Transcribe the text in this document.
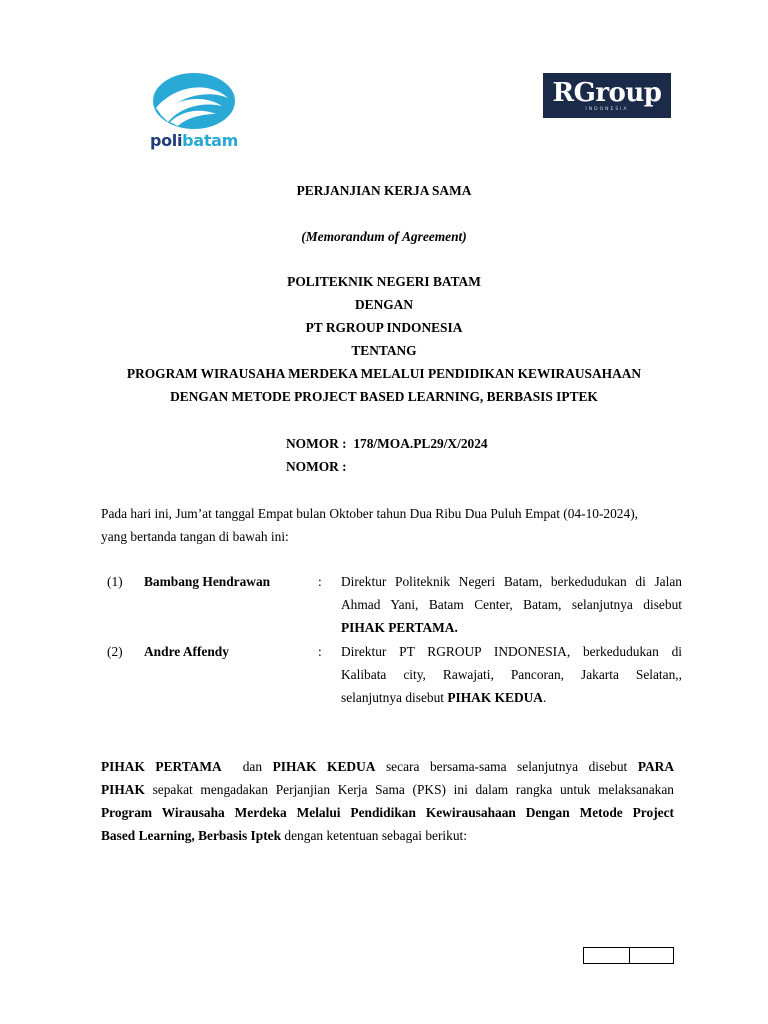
polibatam
RGroup
INDONESIA
PERJANJIAN KERJA SAMA
(Memorandum of Agreement)
POLITEKNIK NEGERI BATAM
DENGAN
PT RGROUP INDONESIA
TENTANG
PROGRAM WIRAUSAHA MERDEKA MELALUI PENDIDIKAN KEWIRAUSAHAAN
DENGAN METODE PROJECT BASED LEARNING, BERBASIS IPTEK
NOMOR : 178/MOA.PL29/X/2024
NOMOR :
Pada hari ini, Jum’at tanggal Empat bulan Oktober tahun Dua Ribu Dua Puluh Empat (04-10-2024),
yang bertanda tangan di bawah ini:
(1) Bambang Hendrawan	: Direktur Politeknik Negeri Batam, berkedudukan di Jalan
Ahmad Yani, Batam Center, Batam, selanjutnya disebut
PIHAK PERTAMA.
(2) Andre Affendy	: Direktur PT RGROUP INDONESIA, berkedudukan di
Kalibata city, Rawajati, Pancoran, Jakarta Selatan,,
selanjutnya disebut PIHAK KEDUA.
PIHAK PERTAMA dan PIHAK KEDUA secara bersama-sama selanjutnya disebut PARA
PIHAK sepakat mengadakan Perjanjian Kerja Sama (PKS) ini dalam rangka untuk melaksanakan
Program Wirausaha Merdeka Melalui Pendidikan Kewirausahaan Dengan Metode Project
Based Learning, Berbasis Iptek dengan ketentuan sebagai berikut:
